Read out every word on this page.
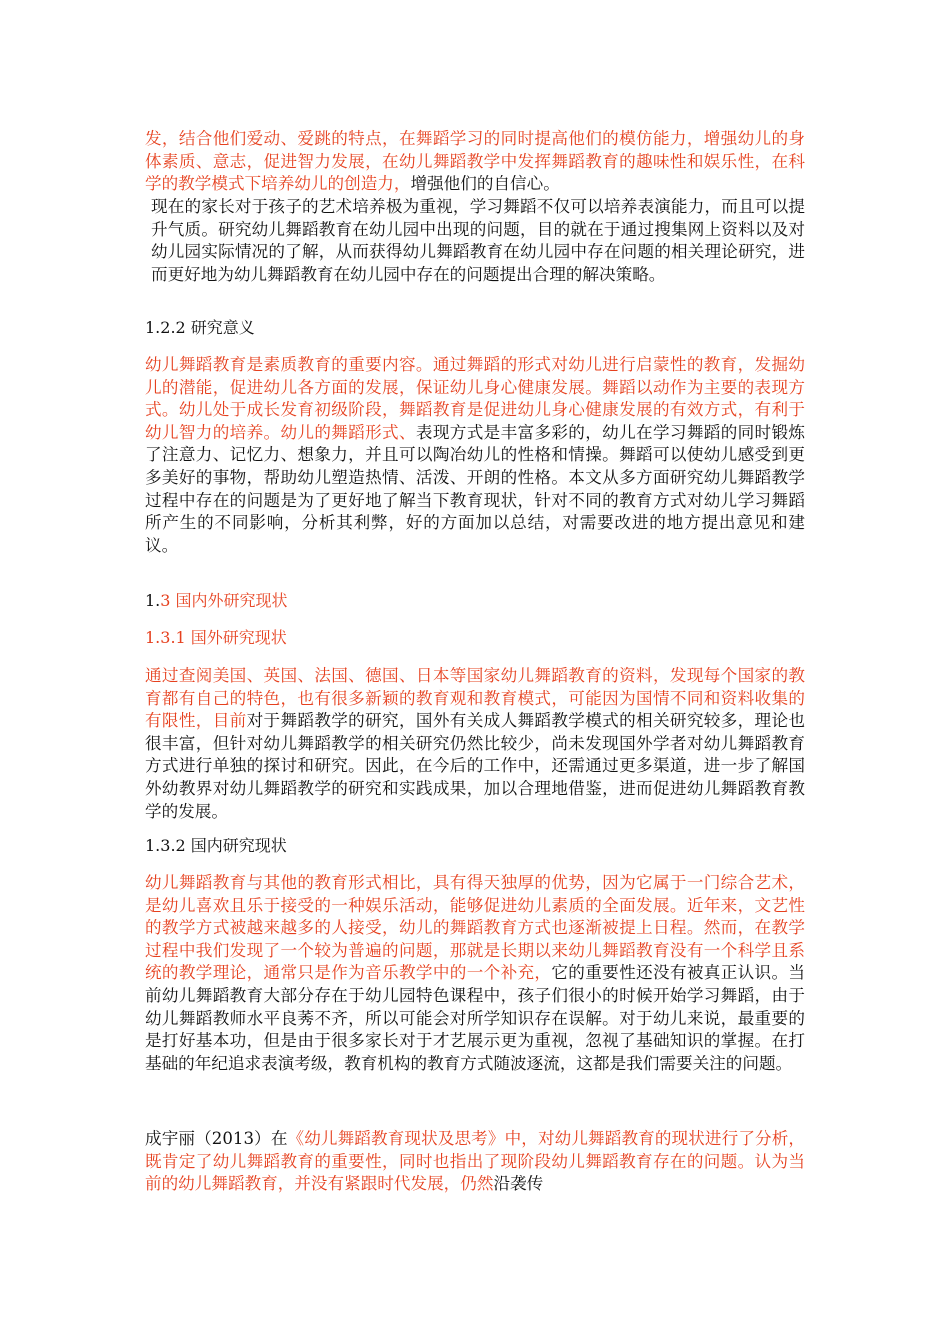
发，结合他们爱动、爱跳的特点，在舞蹈学习的同时提高他们的模仿能力，增强幼儿的身体素质、意志，促进智力发展，在幼儿舞蹈教学中发挥舞蹈教育的趣味性和娱乐性，在科学的教学模式下培养幼儿的创造力，增强他们的自信心。

现在的家长对于孩子的艺术培养极为重视，学习舞蹈不仅可以培养表演能力，而且可以提升气质。研究幼儿舞蹈教育在幼儿园中出现的问题，目的就在于通过搜集网上资料以及对幼儿园实际情况的了解，从而获得幼儿舞蹈教育在幼儿园中存在问题的相关理论研究，进而更好地为幼儿舞蹈教育在幼儿园中存在的问题提出合理的解决策略。

1.2.2 研究意义

幼儿舞蹈教育是素质教育的重要内容。通过舞蹈的形式对幼儿进行启蒙性的教育，发掘幼儿的潜能，促进幼儿各方面的发展，保证幼儿身心健康发展。舞蹈以动作为主要的表现方式。幼儿处于成长发育初级阶段，舞蹈教育是促进幼儿身心健康发展的有效方式，有利于幼儿智力的培养。幼儿的舞蹈形式、表现方式是丰富多彩的，幼儿在学习舞蹈的同时锻炼了注意力、记忆力、想象力，并且可以陶冶幼儿的性格和情操。舞蹈可以使幼儿感受到更多美好的事物，帮助幼儿塑造热情、活泼、开朗的性格。本文从多方面研究幼儿舞蹈教学过程中存在的问题是为了更好地了解当下教育现状，针对不同的教育方式对幼儿学习舞蹈所产生的不同影响，分析其利弊，好的方面加以总结，对需要改进的地方提出意见和建议。

1.3 国内外研究现状

1.3.1 国外研究现状

通过查阅美国、英国、法国、德国、日本等国家幼儿舞蹈教育的资料，发现每个国家的教育都有自己的特色，也有很多新颖的教育观和教育模式，可能因为国情不同和资料收集的有限性，目前对于舞蹈教学的研究，国外有关成人舞蹈教学模式的相关研究较多，理论也很丰富，但针对幼儿舞蹈教学的相关研究仍然比较少，尚未发现国外学者对幼儿舞蹈教育方式进行单独的探讨和研究。因此，在今后的工作中，还需通过更多渠道，进一步了解国外幼教界对幼儿舞蹈教学的研究和实践成果，加以合理地借鉴，进而促进幼儿舞蹈教育教学的发展。

1.3.2 国内研究现状

幼儿舞蹈教育与其他的教育形式相比，具有得天独厚的优势，因为它属于一门综合艺术，是幼儿喜欢且乐于接受的一种娱乐活动，能够促进幼儿素质的全面发展。近年来，文艺性的教学方式被越来越多的人接受，幼儿的舞蹈教育方式也逐渐被提上日程。然而，在教学过程中我们发现了一个较为普遍的问题，那就是长期以来幼儿舞蹈教育没有一个科学且系统的教学理论，通常只是作为音乐教学中的一个补充，它的重要性还没有被真正认识。当前幼儿舞蹈教育大部分存在于幼儿园特色课程中，孩子们很小的时候开始学习舞蹈，由于幼儿舞蹈教师水平良莠不齐，所以可能会对所学知识存在误解。对于幼儿来说，最重要的是打好基本功，但是由于很多家长对于才艺展示更为重视，忽视了基础知识的掌握。在打基础的年纪追求表演考级，教育机构的教育方式随波逐流，这都是我们需要关注的问题。

成宇丽（2013）在《幼儿舞蹈教育现状及思考》中，对幼儿舞蹈教育的现状进行了分析，既肯定了幼儿舞蹈教育的重要性，同时也指出了现阶段幼儿舞蹈教育存在的问题。认为当前的幼儿舞蹈教育，并没有紧跟时代发展，仍然沿袭传
